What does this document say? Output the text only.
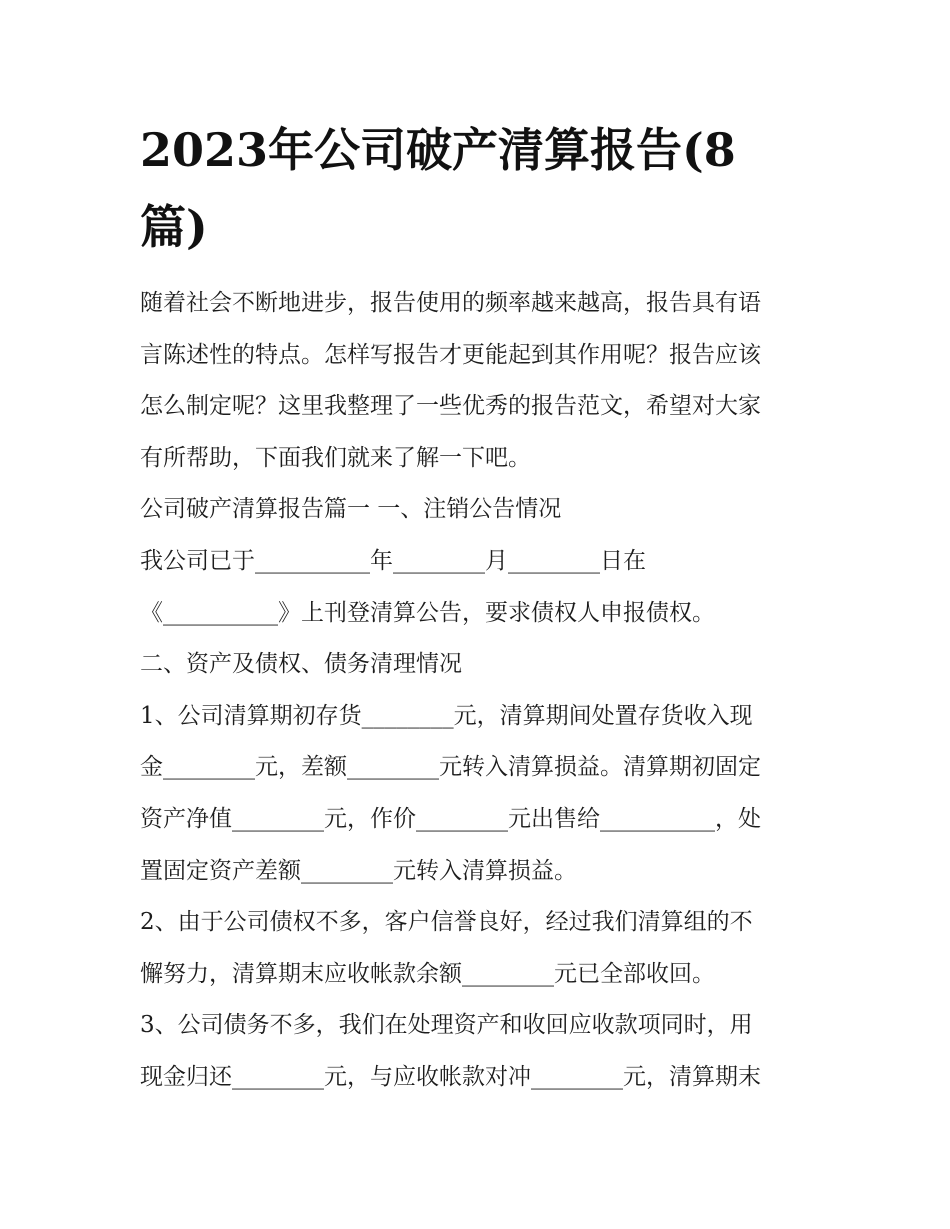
2023年公司破产清算报告(8
篇)
随着社会不断地进步，报告使用的频率越来越高，报告具有语
言陈述性的特点。怎样写报告才更能起到其作用呢？报告应该
怎么制定呢？这里我整理了一些优秀的报告范文，希望对大家
有所帮助，下面我们就来了解一下吧。
公司破产清算报告篇一 一、注销公告情况
我公司已于__________年________月________日在
《__________》上刊登清算公告，要求债权人申报债权。
二、资产及债权、债务清理情况
1、公司清算期初存货________元，清算期间处置存货收入现
金________元，差额________元转入清算损益。清算期初固定
资产净值________元，作价________元出售给__________，处
置固定资产差额________元转入清算损益。
2、由于公司债权不多，客户信誉良好，经过我们清算组的不
懈努力，清算期末应收帐款余额________元已全部收回。
3、公司债务不多，我们在处理资产和收回应收款项同时，用
现金归还________元，与应收帐款对冲________元，清算期末
